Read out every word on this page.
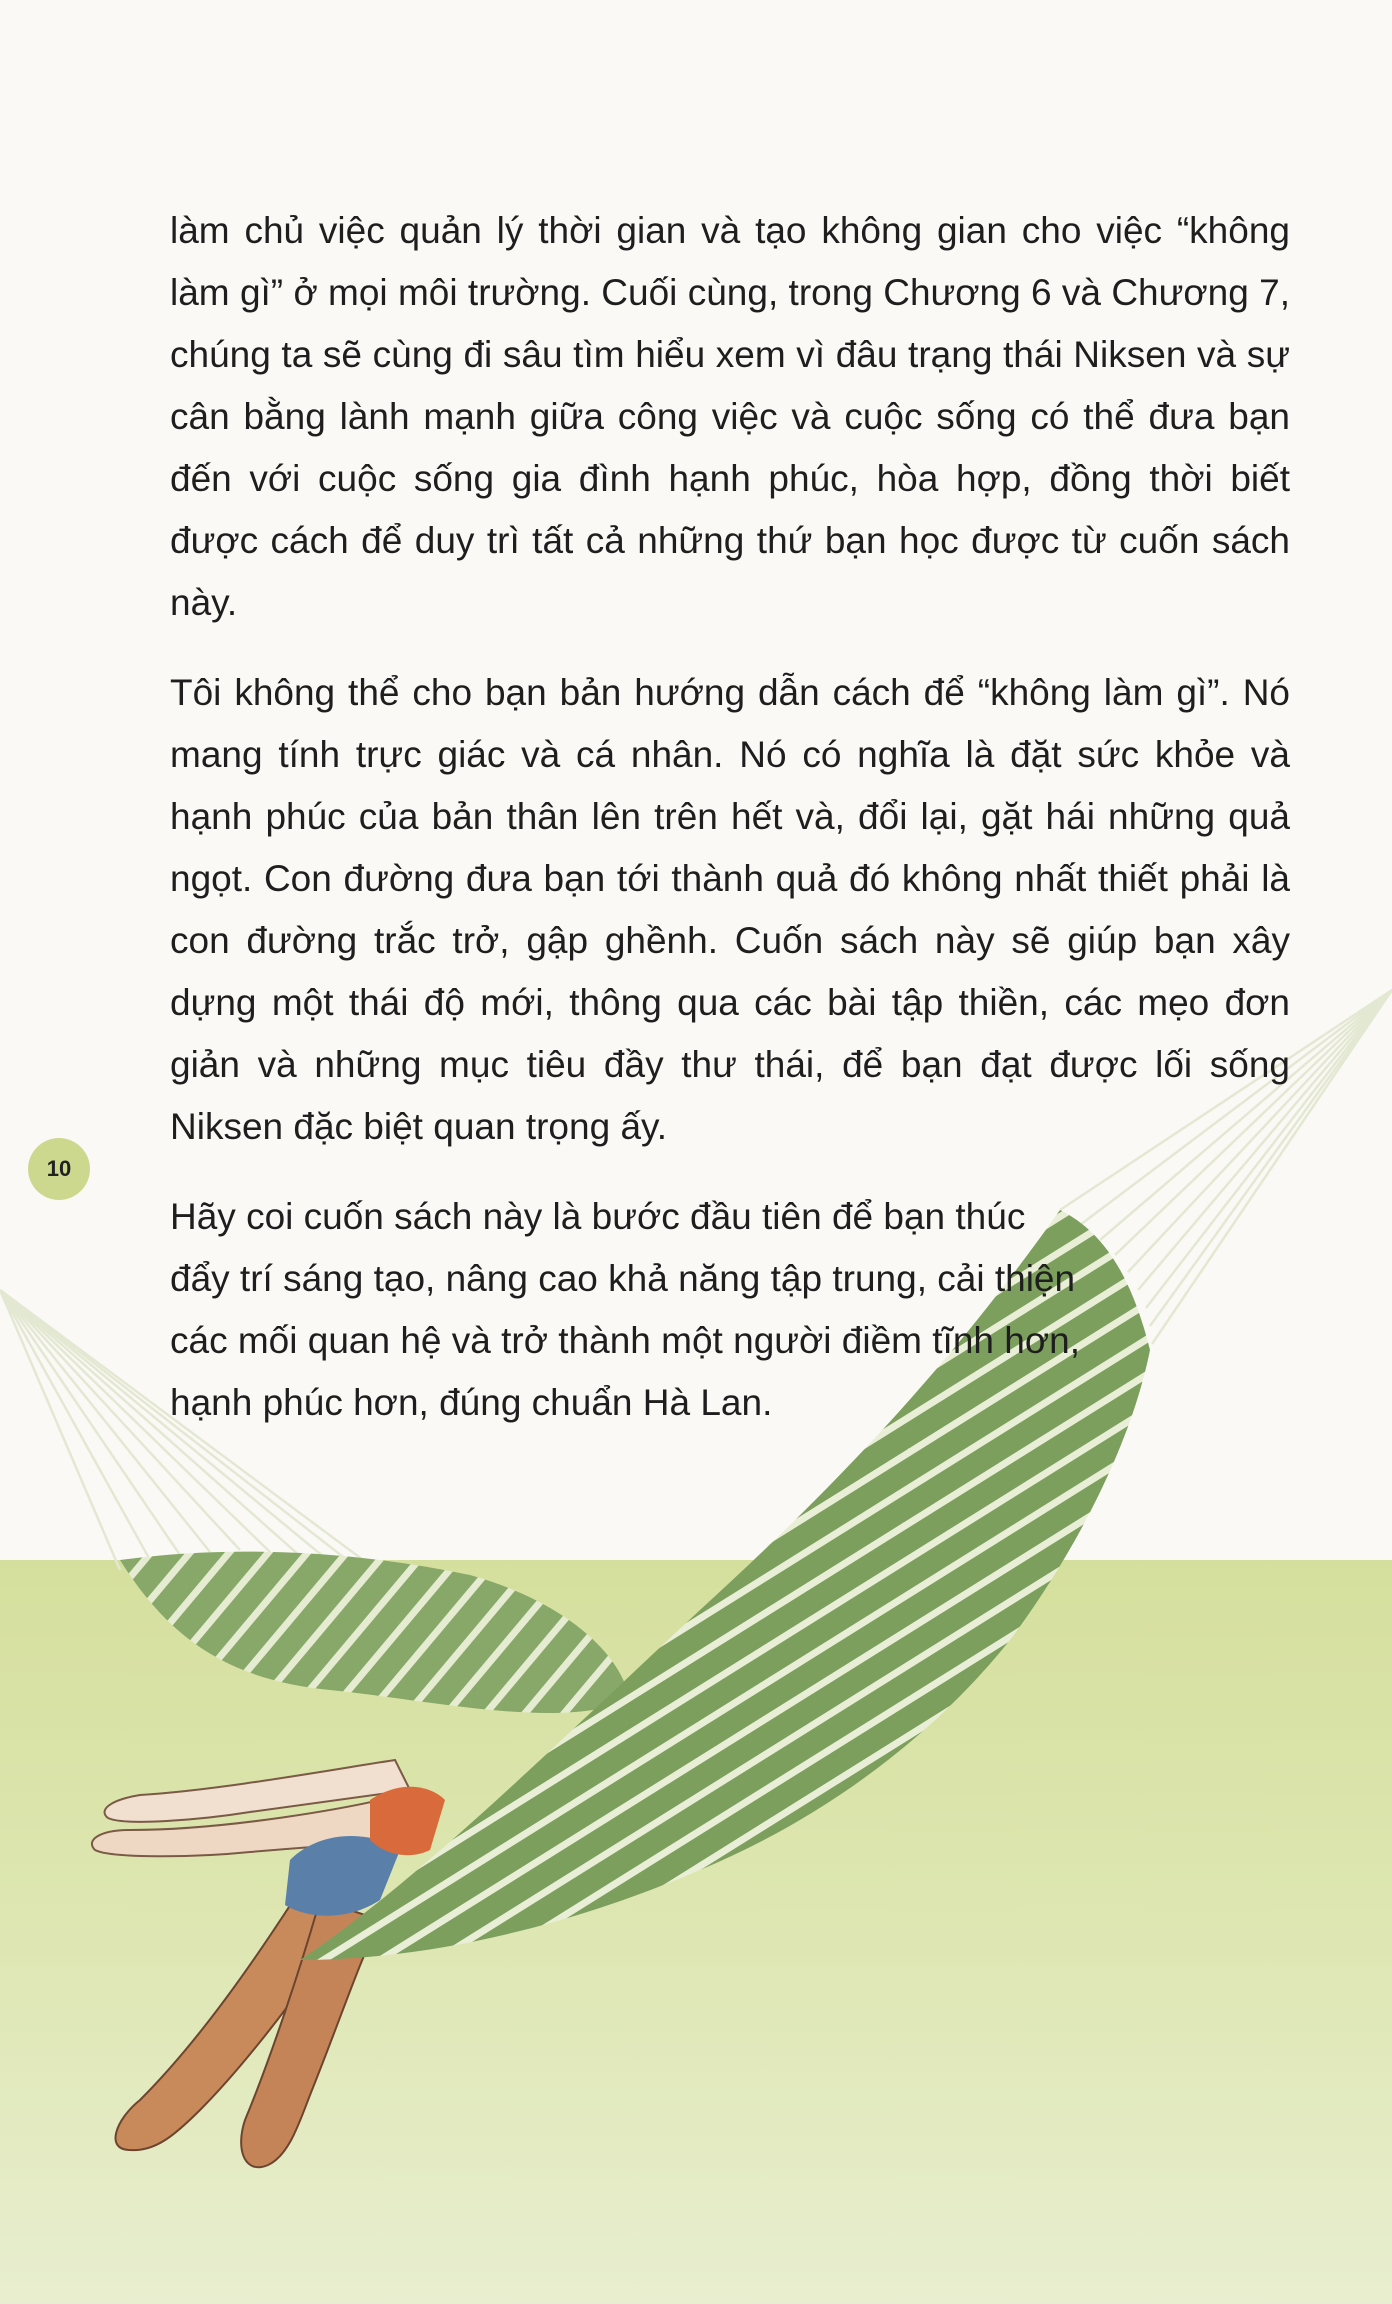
10

làm chủ việc quản lý thời gian và tạo không gian cho việc “không làm gì” ở mọi môi trường. Cuối cùng, trong Chương 6 và Chương 7, chúng ta sẽ cùng đi sâu tìm hiểu xem vì đâu trạng thái Niksen và sự cân bằng lành mạnh giữa công việc và cuộc sống có thể đưa bạn đến với cuộc sống gia đình hạnh phúc, hòa hợp, đồng thời biết được cách để duy trì tất cả những thứ bạn học được từ cuốn sách này.

Tôi không thể cho bạn bản hướng dẫn cách để “không làm gì”. Nó mang tính trực giác và cá nhân. Nó có nghĩa là đặt sức khỏe và hạnh phúc của bản thân lên trên hết và, đổi lại, gặt hái những quả ngọt. Con đường đưa bạn tới thành quả đó không nhất thiết phải là con đường trắc trở, gập ghềnh. Cuốn sách này sẽ giúp bạn xây dựng một thái độ mới, thông qua các bài tập thiền, các mẹo đơn giản và những mục tiêu đầy thư thái, để bạn đạt được lối sống Niksen đặc biệt quan trọng ấy.

Hãy coi cuốn sách này là bước đầu tiên để bạn thúc đẩy trí sáng tạo, nâng cao khả năng tập trung, cải thiện các mối quan hệ và trở thành một người điềm tĩnh hơn, hạnh phúc hơn, đúng chuẩn Hà Lan.
